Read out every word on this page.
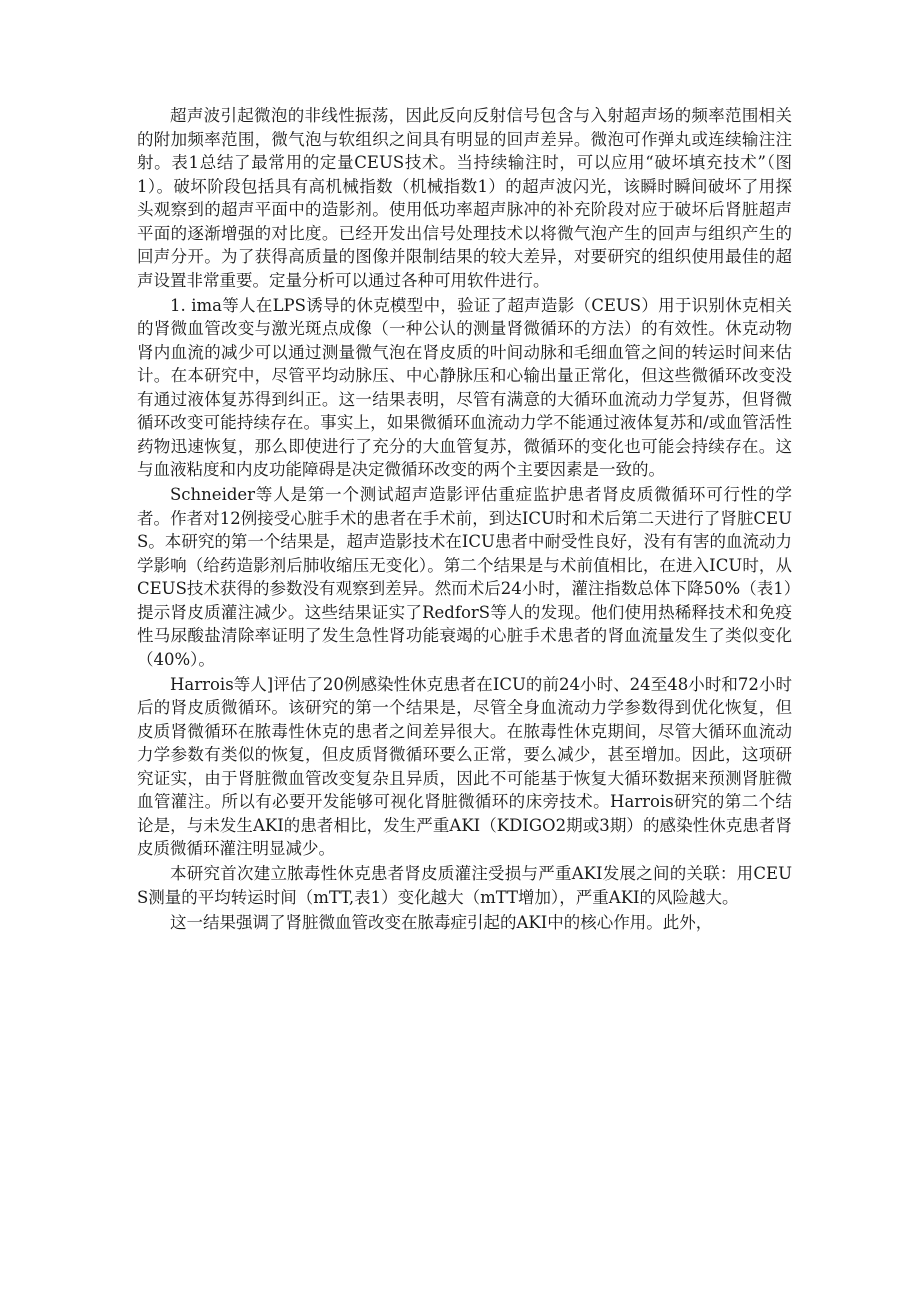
超声波引起微泡的非线性振荡，因此反向反射信号包含与入射超声场的频率范围相关的附加频率范围，微气泡与软组织之间具有明显的回声差异。微泡可作弹丸或连续输注注射。表1总结了最常用的定量CEUS技术。当持续输注时，可以应用“破坏填充技术”（图1）。破坏阶段包括具有高机械指数（机械指数1）的超声波闪光，该瞬时瞬间破坏了用探头观察到的超声平面中的造影剂。使用低功率超声脉冲的补充阶段对应于破坏后肾脏超声平面的逐渐增强的对比度。已经开发出信号处理技术以将微气泡产生的回声与组织产生的回声分开。为了获得高质量的图像并限制结果的较大差异，对要研究的组织使用最佳的超声设置非常重要。定量分析可以通过各种可用软件进行。

1. ima等人在LPS诱导的休克模型中，验证了超声造影（CEUS）用于识别休克相关的肾微血管改变与激光斑点成像（一种公认的测量肾微循环的方法）的有效性。休克动物肾内血流的减少可以通过测量微气泡在肾皮质的叶间动脉和毛细血管之间的转运时间来估计。在本研究中，尽管平均动脉压、中心静脉压和心输出量正常化，但这些微循环改变没有通过液体复苏得到纠正。这一结果表明，尽管有满意的大循环血流动力学复苏，但肾微循环改变可能持续存在。事实上，如果微循环血流动力学不能通过液体复苏和/或血管活性药物迅速恢复，那么即使进行了充分的大血管复苏，微循环的变化也可能会持续存在。这与血液粘度和内皮功能障碍是决定微循环改变的两个主要因素是一致的。

Schneider等人是第一个测试超声造影评估重症监护患者肾皮质微循环可行性的学者。作者对12例接受心脏手术的患者在手术前，到达ICU时和术后第二天进行了肾脏CEUS。本研究的第一个结果是，超声造影技术在ICU患者中耐受性良好，没有有害的血流动力学影响（给药造影剂后肺收缩压无变化）。第二个结果是与术前值相比，在进入ICU时，从CEUS技术获得的参数没有观察到差异。然而术后24小时，灌注指数总体下降50%（表1）提示肾皮质灌注减少。这些结果证实了RedforS等人的发现。他们使用热稀释技术和免疫性马尿酸盐清除率证明了发生急性肾功能衰竭的心脏手术患者的肾血流量发生了类似变化（40%）。

Harrois等人]评估了20例感染性休克患者在ICU的前24小时、24至48小时和72小时后的肾皮质微循环。该研究的第一个结果是，尽管全身血流动力学参数得到优化恢复，但皮质肾微循环在脓毒性休克的患者之间差异很大。在脓毒性休克期间，尽管大循环血流动力学参数有类似的恢复，但皮质肾微循环要么正常，要么减少，甚至增加。因此，这项研究证实，由于肾脏微血管改变复杂且异质，因此不可能基于恢复大循环数据来预测肾脏微血管灌注。所以有必要开发能够可视化肾脏微循环的床旁技术。Harrois研究的第二个结论是，与未发生AKI的患者相比，发生严重AKI（KDIGO2期或3期）的感染性休克患者肾皮质微循环灌注明显减少。

本研究首次建立脓毒性休克患者肾皮质灌注受损与严重AKI发展之间的关联：用CEUS测量的平均转运时间（mTT,表1）变化越大（mTT增加），严重AKI的风险越大。

这一结果强调了肾脏微血管改变在脓毒症引起的AKI中的核心作用。此外，
